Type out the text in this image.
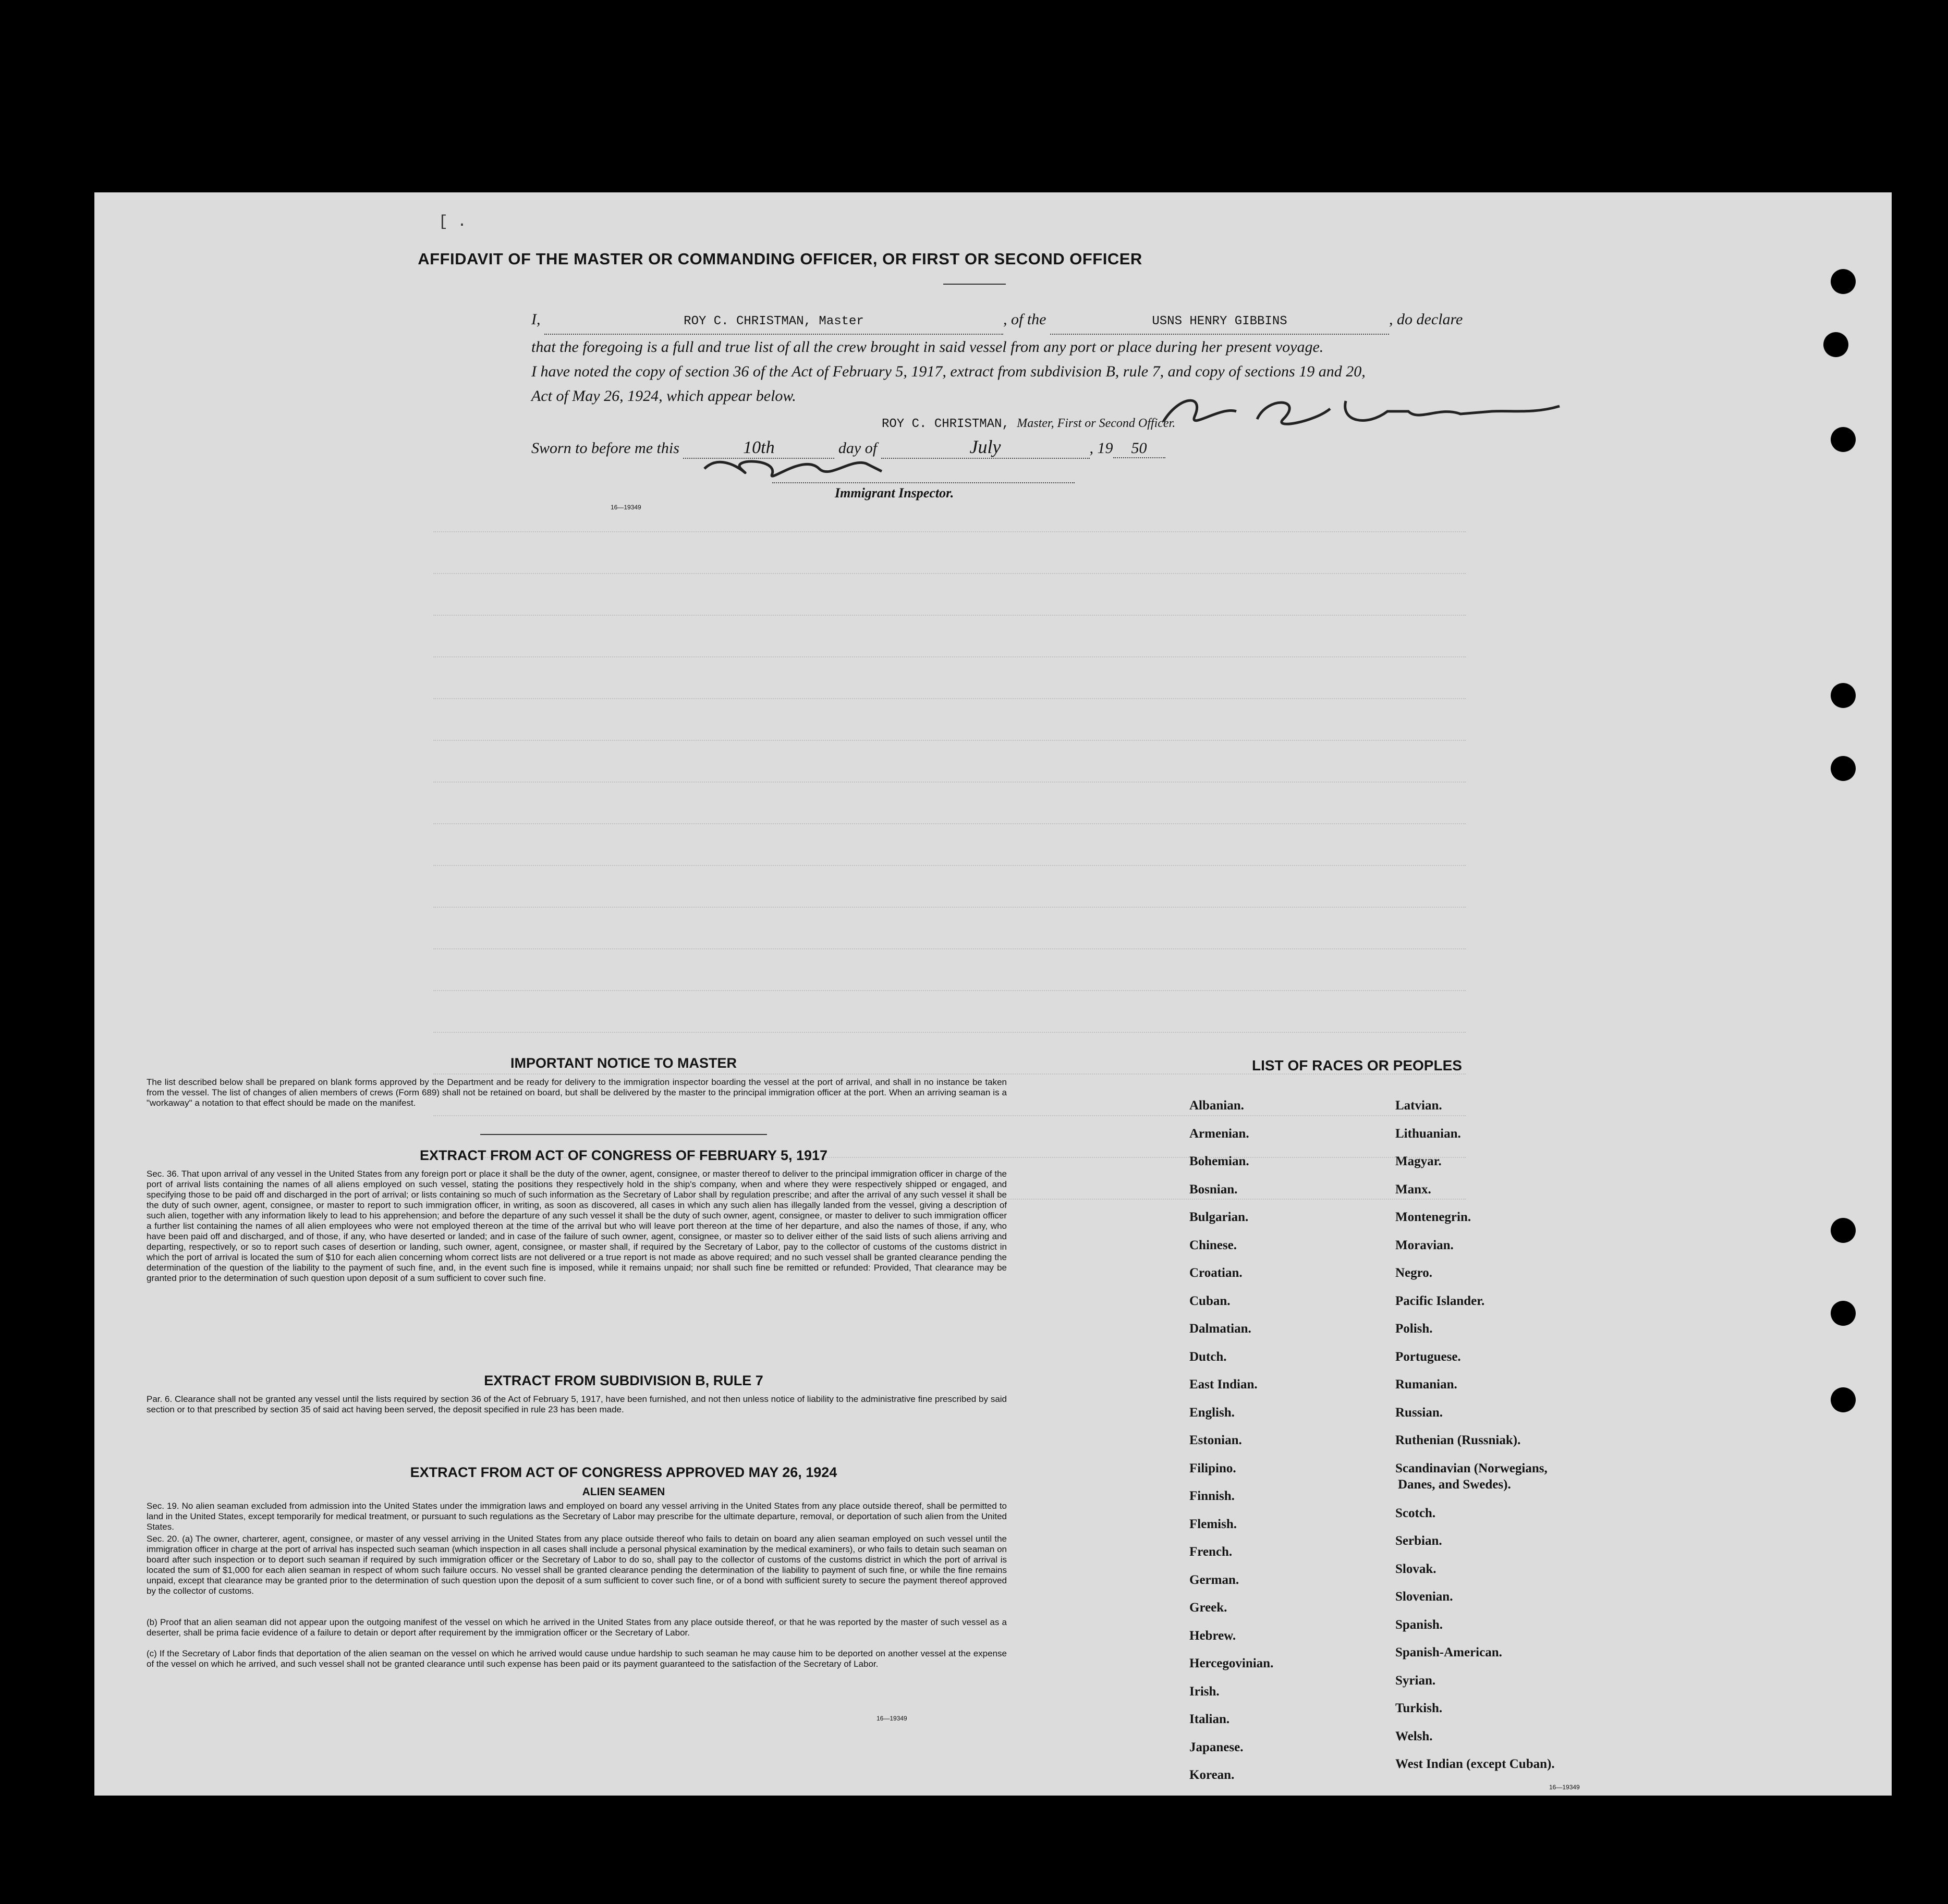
[ .
AFFIDAVIT OF THE MASTER OR COMMANDING OFFICER, OR FIRST OR SECOND OFFICER
I,	ROY C. CHRISTMAN, Master	, of the	USNS HENRY GIBBINS	, do declare
that the foregoing is a full and true list of all the crew brought in said vessel from any port or place during her present voyage.
I have noted the copy of section 36 of the Act of February 5, 1917, extract from subdivision B, rule 7, and copy of sections 19 and 20,
Act of May 26, 1924, which appear below.
ROY C. CHRISTMAN, Master, First or Second Officer.
Sworn to before me this	10th	day of	July	, 19 50
16—19349
Immigrant Inspector.
IMPORTANT NOTICE TO MASTER
The list described below shall be prepared on blank forms approved by the Department and be ready for delivery to the immigration inspector boarding the vessel at the port of arrival, and shall in no instance be taken from the vessel. The list of changes of alien members of crews (Form 689) shall not be retained on board, but shall be delivered by the master to the principal immigration officer at the port. When an arriving seaman is a "workaway" a notation to that effect should be made on the manifest.
EXTRACT FROM ACT OF CONGRESS OF FEBRUARY 5, 1917
Sec. 36. That upon arrival of any vessel in the United States from any foreign port or place it shall be the duty of the owner, agent, consignee, or master thereof to deliver to the principal immigration officer in charge of the port of arrival lists containing the names of all aliens employed on such vessel, stating the positions they respectively hold in the ship's company, when and where they were respectively shipped or engaged, and specifying those to be paid off and discharged in the port of arrival; or lists containing so much of such information as the Secretary of Labor shall by regulation prescribe; and after the arrival of any such vessel it shall be the duty of such owner, agent, consignee, or master to report to such immigration officer, in writing, as soon as discovered, all cases in which any such alien has illegally landed from the vessel, giving a description of such alien, together with any information likely to lead to his apprehension; and before the departure of any such vessel it shall be the duty of such owner, agent, consignee, or master to deliver to such immigration officer a further list containing the names of all alien employees who were not employed thereon at the time of the arrival but who will leave port thereon at the time of her departure, and also the names of those, if any, who have been paid off and discharged, and of those, if any, who have deserted or landed; and in case of the failure of such owner, agent, consignee, or master so to deliver either of the said lists of such aliens arriving and departing, respectively, or so to report such cases of desertion or landing, such owner, agent, consignee, or master shall, if required by the Secretary of Labor, pay to the collector of customs of the customs district in which the port of arrival is located the sum of $10 for each alien concerning whom correct lists are not delivered or a true report is not made as above required; and no such vessel shall be granted clearance pending the determination of the question of the liability to the payment of such fine, and, in the event such fine is imposed, while it remains unpaid; nor shall such fine be remitted or refunded: Provided, That clearance may be granted prior to the determination of such question upon deposit of a sum sufficient to cover such fine.
EXTRACT FROM SUBDIVISION B, RULE 7
Par. 6. Clearance shall not be granted any vessel until the lists required by section 36 of the Act of February 5, 1917, have been furnished, and not then unless notice of liability to the administrative fine prescribed by said section or to that prescribed by section 35 of said act having been served, the deposit specified in rule 23 has been made.
EXTRACT FROM ACT OF CONGRESS APPROVED MAY 26, 1924
ALIEN SEAMEN
Sec. 19. No alien seaman excluded from admission into the United States under the immigration laws and employed on board any vessel arriving in the United States from any place outside thereof, shall be permitted to land in the United States, except temporarily for medical treatment, or pursuant to such regulations as the Secretary of Labor may prescribe for the ultimate departure, removal, or deportation of such alien from the United States.
Sec. 20. (a) The owner, charterer, agent, consignee, or master of any vessel arriving in the United States from any place outside thereof who fails to detain on board any alien seaman employed on such vessel until the immigration officer in charge at the port of arrival has inspected such seaman (which inspection in all cases shall include a personal physical examination by the medical examiners), or who fails to detain such seaman on board after such inspection or to deport such seaman if required by such immigration officer or the Secretary of Labor to do so, shall pay to the collector of customs of the customs district in which the port of arrival is located the sum of $1,000 for each alien seaman in respect of whom such failure occurs. No vessel shall be granted clearance pending the determination of the liability to payment of such fine, or while the fine remains unpaid, except that clearance may be granted prior to the determination of such question upon the deposit of a sum sufficient to cover such fine, or of a bond with sufficient surety to secure the payment thereof approved by the collector of customs.
(b) Proof that an alien seaman did not appear upon the outgoing manifest of the vessel on which he arrived in the United States from any place outside thereof, or that he was reported by the master of such vessel as a deserter, shall be prima facie evidence of a failure to detain or deport after requirement by the immigration officer or the Secretary of Labor.
(c) If the Secretary of Labor finds that deportation of the alien seaman on the vessel on which he arrived would cause undue hardship to such seaman he may cause him to be deported on another vessel at the expense of the vessel on which he arrived, and such vessel shall not be granted clearance until such expense has been paid or its payment guaranteed to the satisfaction of the Secretary of Labor.
16—19349
LIST OF RACES OR PEOPLES
Albanian.
Armenian.
Bohemian.
Bosnian.
Bulgarian.
Chinese.
Croatian.
Cuban.
Dalmatian.
Dutch.
East Indian.
English.
Estonian.
Filipino.
Finnish.
Flemish.
French.
German.
Greek.
Hebrew.
Hercegovinian.
Irish.
Italian.
Japanese.
Korean.
Latvian.
Lithuanian.
Magyar.
Manx.
Montenegrin.
Moravian.
Negro.
Pacific Islander.
Polish.
Portuguese.
Rumanian.
Russian.
Ruthenian (Russniak).
Scandinavian (Norwegians,
Danes, and Swedes).
Scotch.
Serbian.
Slovak.
Slovenian.
Spanish.
Spanish-American.
Syrian.
Turkish.
Welsh.
West Indian (except Cuban).
16—19349
